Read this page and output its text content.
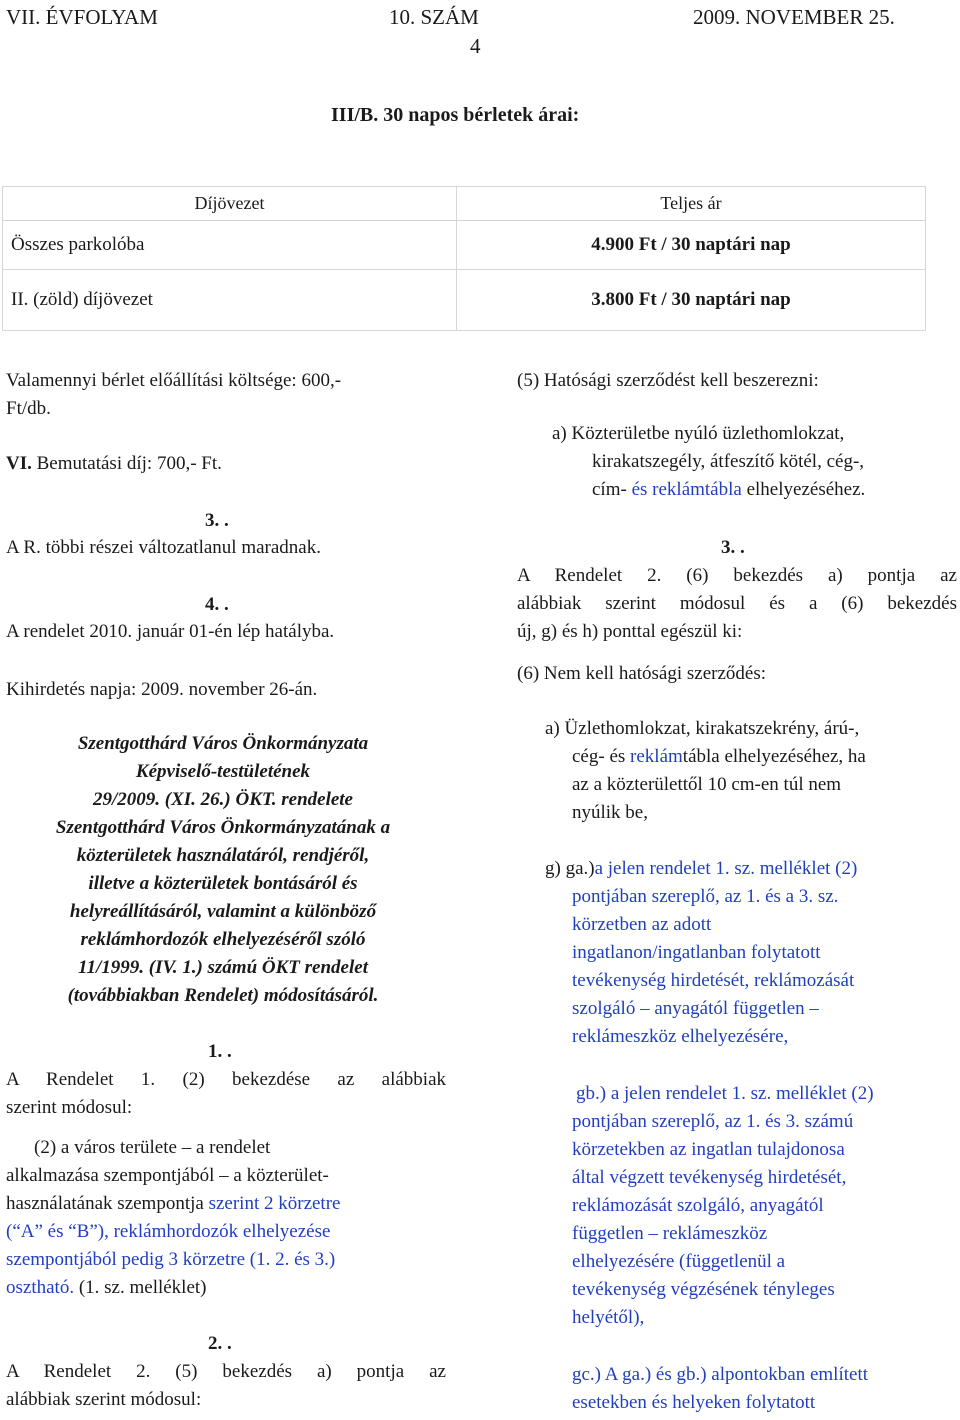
VII. ÉVFOLYAM	10. SZÁM	2009. NOVEMBER 25.
4
III/B. 30 napos bérletek árai:
Díjövezet	Teljes ár
Összes parkolóba	4.900 Ft / 30 naptári nap
II. (zöld) díjövezet	3.800 Ft / 30 naptári nap
Valamennyi bérlet előállítási költsége: 600,-
Ft/db.
VI. Bemutatási díj: 700,- Ft.
3. .
A R. többi részei változatlanul maradnak.
4. .
A rendelet 2010. január 01-én lép hatályba.
Kihirdetés napja: 2009. november 26-án.
Szentgotthárd Város Önkormányzata
Képviselő-testületének
29/2009. (XI. 26.) ÖKT. rendelete
Szentgotthárd Város Önkormányzatának a
közterületek használatáról, rendjéről,
illetve a közterületek bontásáról és
helyreállításáról, valamint a különböző
reklámhordozók elhelyezéséről szóló
11/1999. (IV. 1.) számú ÖKT rendelet
(továbbiakban Rendelet) módosításáról.
1. .
A Rendelet 1. (2) bekezdése az alábbiak
szerint módosul:
(2) a város területe – a rendelet
alkalmazása szempontjából – a közterület-
használatának szempontja szerint 2 körzetre
(“A” és “B”), reklámhordozók elhelyezése
szempontjából pedig 3 körzetre (1. 2. és 3.)
osztható. (1. sz. melléklet)
2. .
A Rendelet 2. (5) bekezdés a) pontja az
alábbiak szerint módosul:
(5) Hatósági szerződést kell beszerezni:
a) Közterületbe nyúló üzlethomlokzat,
kirakatszegély, átfeszítő kötél, cég-,
cím- és reklámtábla elhelyezéséhez.
3. .
A Rendelet 2. (6) bekezdés a) pontja az
alábbiak szerint módosul és a (6) bekezdés
új, g) és h) ponttal egészül ki:
(6) Nem kell hatósági szerződés:
a) Üzlethomlokzat, kirakatszekrény, árú-,
cég- és reklámtábla elhelyezéséhez, ha
az a közterülettől 10 cm-en túl nem
nyúlik be,
g) ga.)a jelen rendelet 1. sz. melléklet (2)
pontjában szereplő, az 1. és a 3. sz.
körzetben az adott
ingatlanon/ingatlanban folytatott
tevékenység hirdetését, reklámozását
szolgáló – anyagától független –
reklámeszköz elhelyezésére,
gb.) a jelen rendelet 1. sz. melléklet (2)
pontjában szereplő, az 1. és 3. számú
körzetekben az ingatlan tulajdonosa
által végzett tevékenység hirdetését,
reklámozását szolgáló, anyagától
független – reklámeszköz
elhelyezésére (függetlenül a
tevékenység végzésének tényleges
helyétől),
gc.) A ga.) és gb.) alpontokban említett
esetekben és helyeken folytatott
